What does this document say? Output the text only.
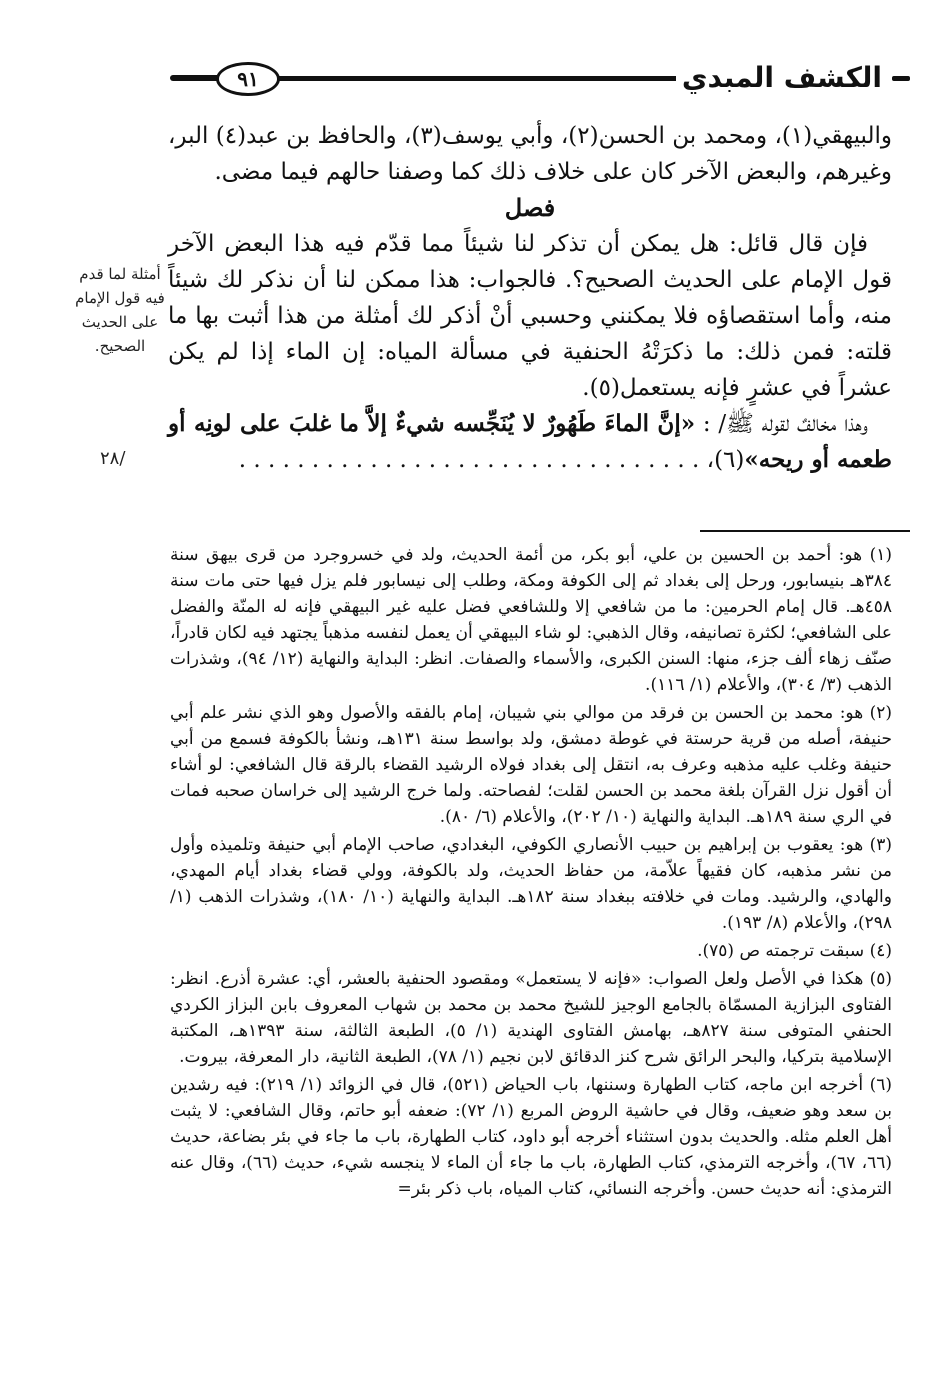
٩١	الكشف المبدي

والبيهقي(١)، ومحمد بن الحسن(٢)، وأبي يوسف(٣)، والحافظ بن عبد(٤) البر، وغيرهم، والبعض الآخر كان على خلاف ذلك كما وصفنا حالهم فيما مضى.

فصل

فإن قال قائل: هل يمكن أن تذكر لنا شيئاً مما قدّم فيه هذا البعض الآخر قول الإمام على الحديث الصحيح؟. فالجواب: هذا ممكن لنا أن نذكر لك شيئاً منه، وأما استقصاؤه فلا يمكنني وحسبي أنْ أذكر لك أمثلة من هذا أثبت بها ما قلته: فمن ذلك: ما ذكرَتْهُ الحنفية في مسألة المياه: إن الماء إذا لم يكن عشراً في عشرٍ فإنه يستعمل(٥).

وهذا مخالفٌ لقوله ﷺ/ : «إنَّ الماءَ طَهُورٌ لا يُنَجِّسه شيءٌ إلاَّ ما غلبَ على لونِه أو طعمه أو ريحه»(٦)، . . . . . . . . . . . . . . . . . . . . . . . . . . . . . . . .

أمثلة لما قدم فيه قول الإمام على الحديث الصحيح.
/٢٨

(١) هو: أحمد بن الحسين بن علي، أبو بكر، من أئمة الحديث، ولد في خسروجرد من قرى بيهق سنة ٣٨٤هـ بنيسابور، ورحل إلى بغداد ثم إلى الكوفة ومكة، وطلب إلى نيسابور فلم يزل فيها حتى مات سنة ٤٥٨هـ. قال إمام الحرمين: ما من شافعي إلا وللشافعي فضل عليه غير البيهقي فإنه له المنّة والفضل على الشافعي؛ لكثرة تصانيفه، وقال الذهبي: لو شاء البيهقي أن يعمل لنفسه مذهباً يجتهد فيه لكان قادراً، صنّف زهاء ألف جزء، منها: السنن الكبرى، والأسماء والصفات. انظر: البداية والنهاية (١٢/ ٩٤)، وشذرات الذهب (٣/ ٣٠٤)، والأعلام (١/ ١١٦).

(٢) هو: محمد بن الحسن بن فرقد من موالي بني شيبان، إمام بالفقه والأصول وهو الذي نشر علم أبي حنيفة، أصله من قرية حرستة في غوطة دمشق، ولد بواسط سنة ١٣١هـ، ونشأ بالكوفة فسمع من أبي حنيفة وغلب عليه مذهبه وعرف به، انتقل إلى بغداد فولاه الرشيد القضاء بالرقة قال الشافعي: لو أشاء أن أقول نزل القرآن بلغة محمد بن الحسن لقلت؛ لفصاحته. ولما خرج الرشيد إلى خراسان صحبه فمات في الري سنة ١٨٩هـ. البداية والنهاية (١٠/ ٢٠٢)، والأعلام (٦/ ٨٠).

(٣) هو: يعقوب بن إبراهيم بن حبيب الأنصاري الكوفي، البغدادي، صاحب الإمام أبي حنيفة وتلميذه وأول من نشر مذهبه، كان فقيهاً علاّمة، من حفاظ الحديث، ولد بالكوفة، وولي قضاء بغداد أيام المهدي، والهادي، والرشيد. ومات في خلافته ببغداد سنة ١٨٢هـ. البداية والنهاية (١٠/ ١٨٠)، وشذرات الذهب (١/ ٢٩٨)، والأعلام (٨/ ١٩٣).

(٤) سبقت ترجمته ص (٧٥).

(٥) هكذا في الأصل ولعل الصواب: «فإنه لا يستعمل» ومقصود الحنفية بالعشر، أي: عشرة أذرع. انظر: الفتاوى البزازية المسمّاة بالجامع الوجيز للشيخ محمد بن محمد بن شهاب المعروف بابن البزاز الكردي الحنفي المتوفى سنة ٨٢٧هـ، بهامش الفتاوى الهندية (١/ ٥)، الطبعة الثالثة، سنة ١٣٩٣هـ، المكتبة الإسلامية بتركيا، والبحر الرائق شرح كنز الدقائق لابن نجيم (١/ ٧٨)، الطبعة الثانية، دار المعرفة، بيروت.

(٦) أخرجه ابن ماجه، كتاب الطهارة وسننها، باب الحياض (٥٢١)، قال في الزوائد (١/ ٢١٩): فيه رشدين بن سعد وهو ضعيف، وقال في حاشية الروض المربع (١/ ٧٢): ضعفه أبو حاتم، وقال الشافعي: لا يثبت أهل العلم مثله. والحديث بدون استثناء أخرجه أبو داود، كتاب الطهارة، باب ما جاء في بئر بضاعة، حديث (٦٦، ٦٧)، وأخرجه الترمذي، كتاب الطهارة، باب ما جاء أن الماء لا ينجسه شيء، حديث (٦٦)، وقال عنه الترمذي: أنه حديث حسن. وأخرجه النسائي، كتاب المياه، باب ذكر بئر=
